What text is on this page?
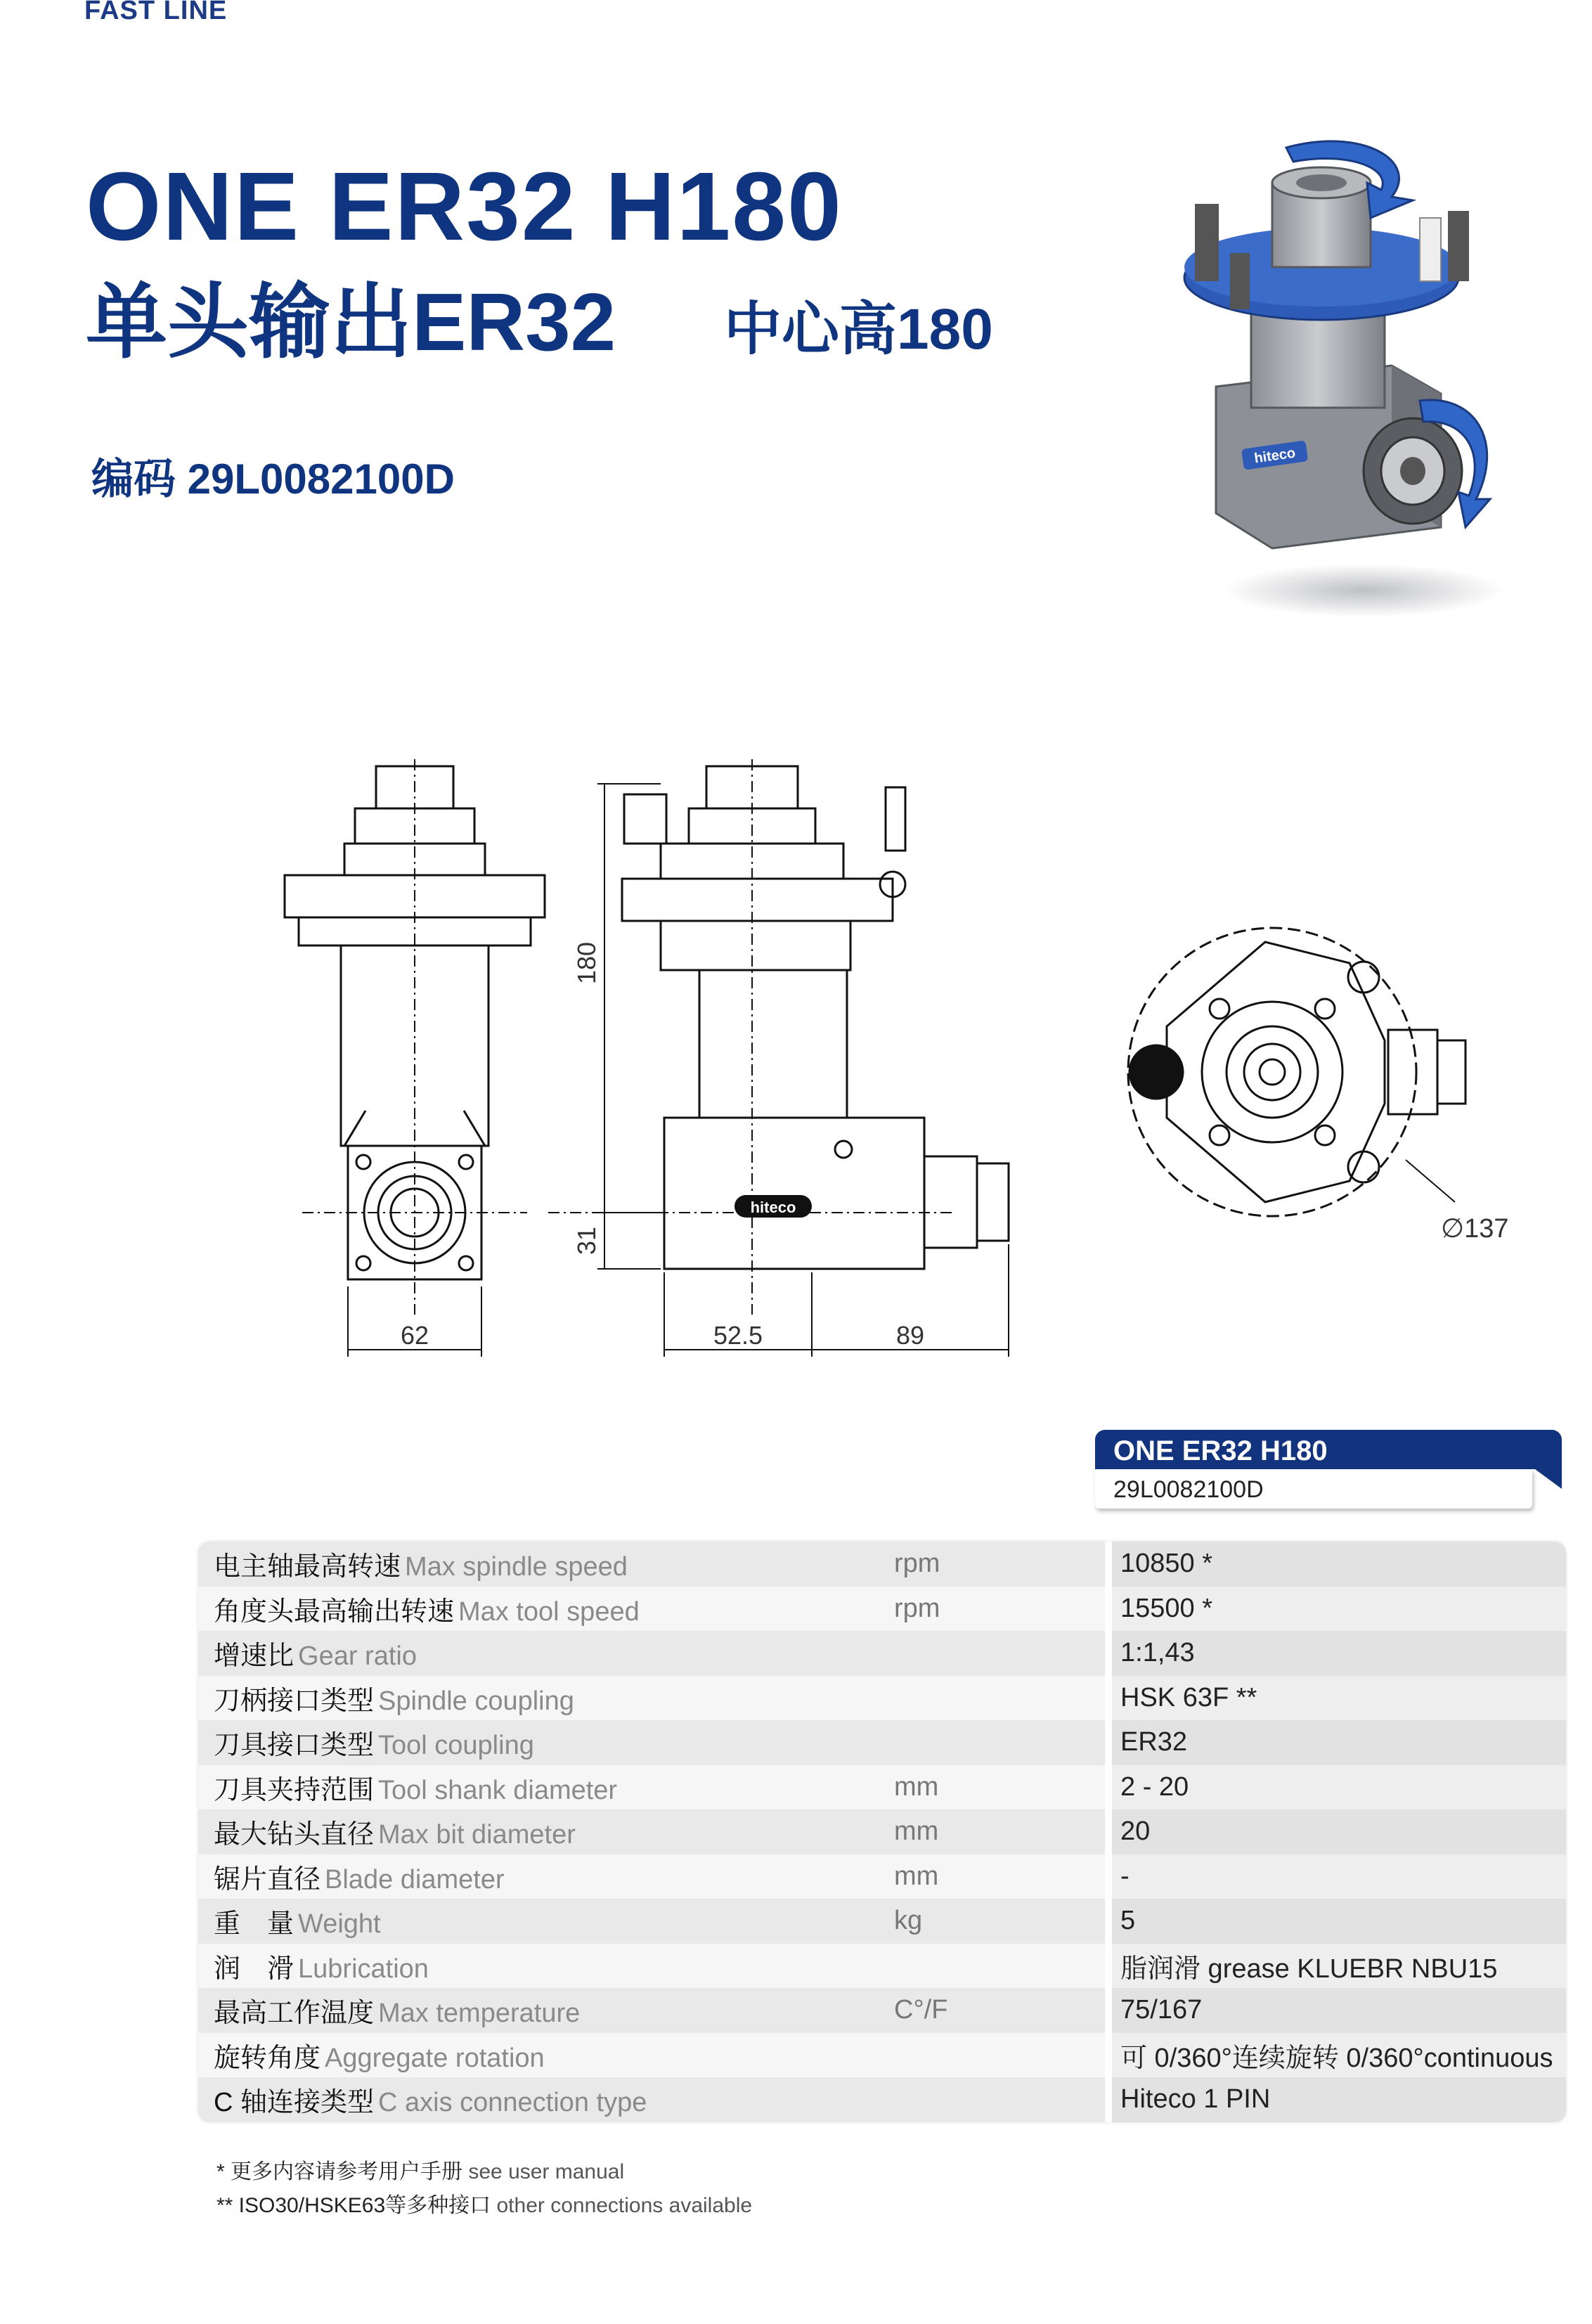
FAST LINE
ONE ER32 H180
单头输出ER32 中心高180
编码 29L0082100D	hiteco
62
hiteco
180
31
52.5	89
∅137
ONE ER32 H180
29L0082100D
电主轴最高转速 Max spindle speed	rpm	10850 *
角度头最高输出转速 Max tool speed	rpm	15500 *
增速比 Gear ratio	1:1,43
刀柄接口类型 Spindle coupling	HSK 63F **
刀具接口类型 Tool coupling	ER32
刀具夹持范围 Tool shank diameter	mm	2 - 20
最大钻头直径 Max bit diameter	mm	20
锯片直径 Blade diameter	mm	-
重　量 Weight	kg	5
润　滑 Lubrication	脂润滑 grease KLUEBR NBU15
最高工作温度 Max temperature	C°/F	75/167
旋转角度 Aggregate rotation	可 0/360°连续旋转 0/360°continuous
C 轴连接类型 C axis connection type	Hiteco 1 PIN
* 更多内容请参考用户手册 see user manual
** ISO30/HSKE63等多种接口 other connections available
